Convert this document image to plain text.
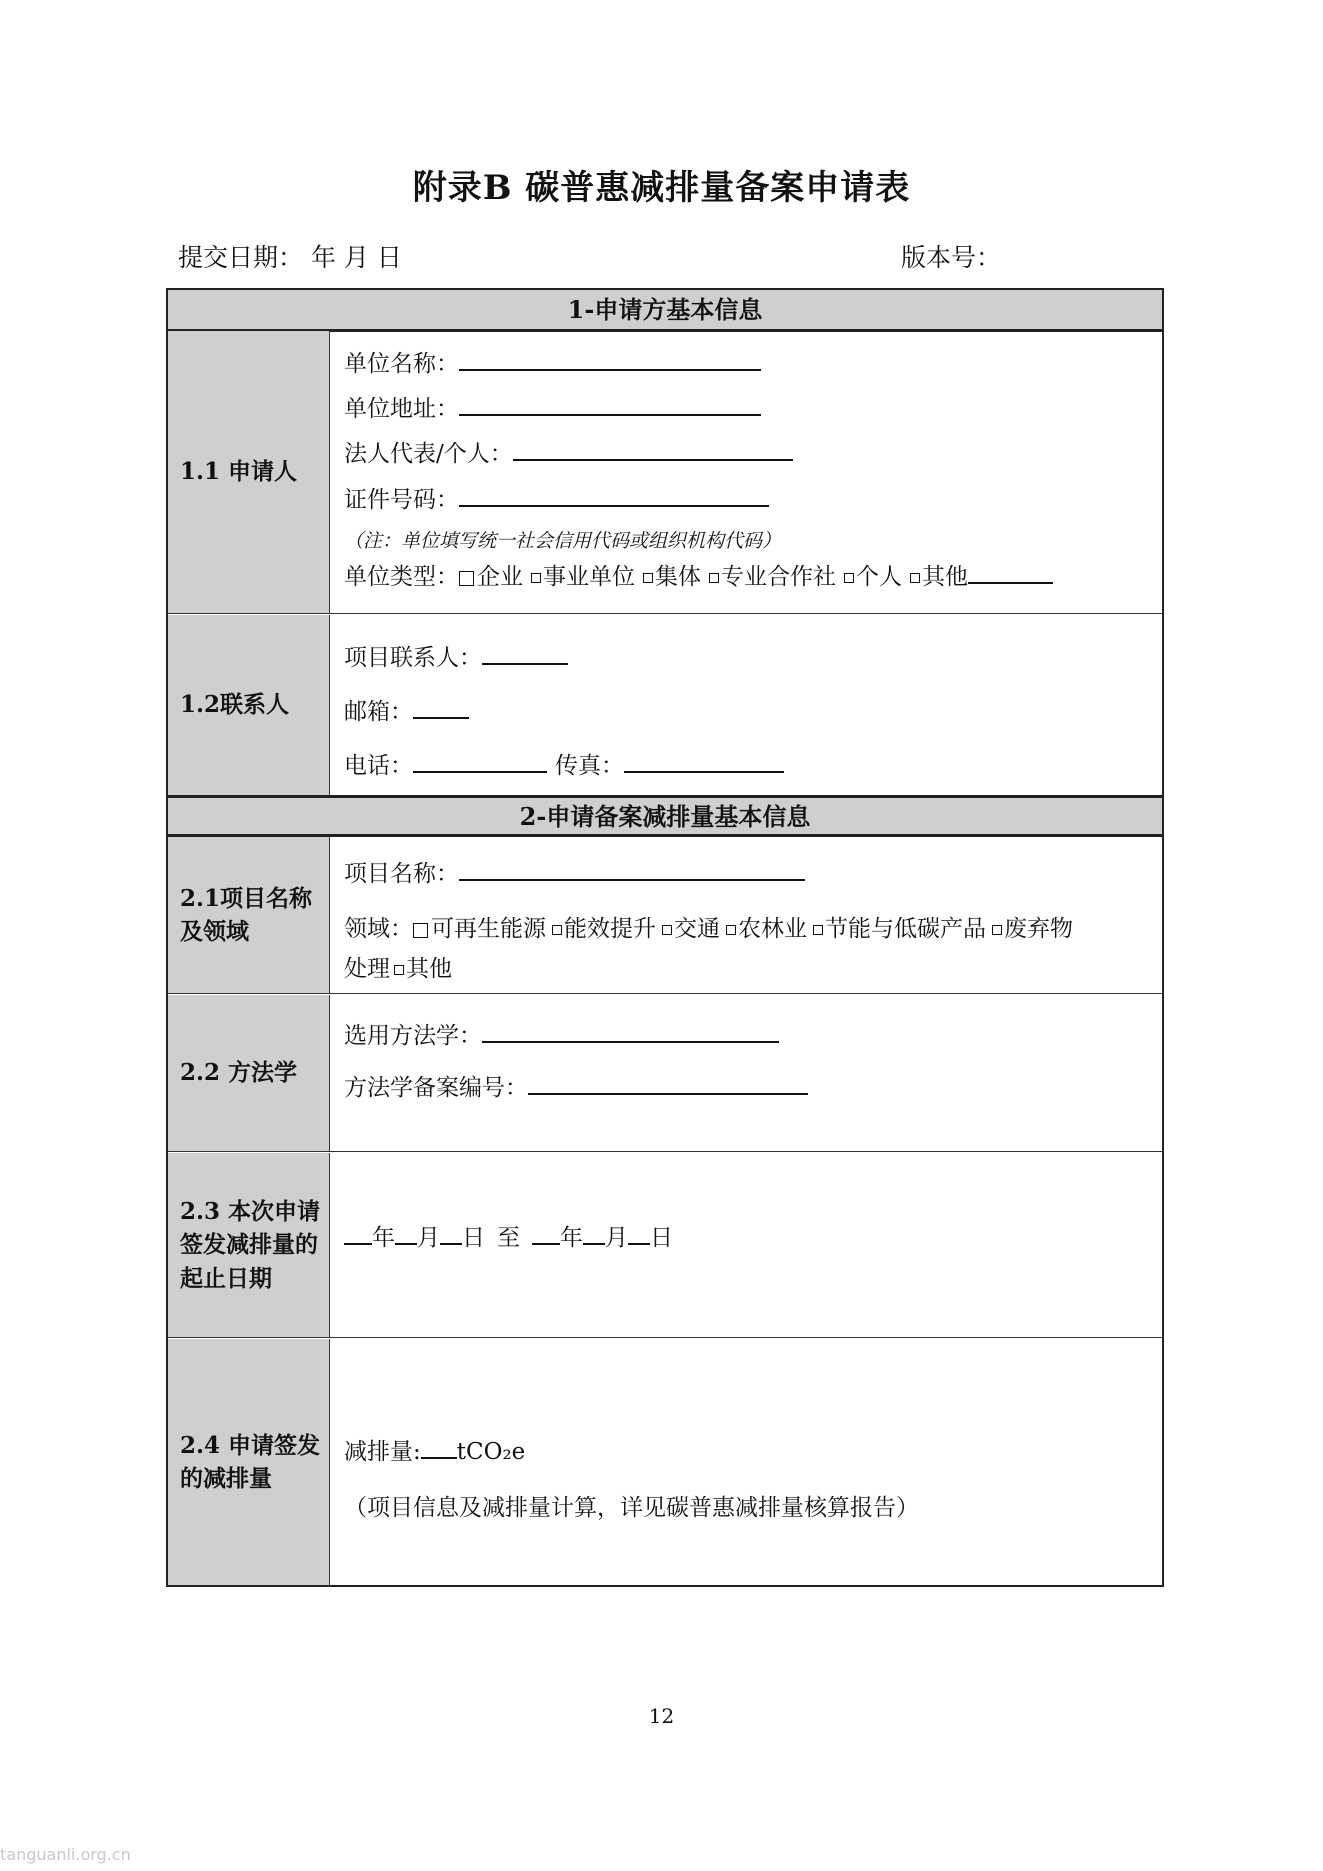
附录B 碳普惠减排量备案申请表
提交日期： 年 月 日	版本号：
1-申请方基本信息
1.1 申请人
单位名称：
单位地址：
法人代表/个人：
证件号码：
（注：单位填写统一社会信用代码或组织机构代码）
单位类型： 企业 事业单位 集体 专业合作社 个人 其他
1.2联系人
项目联系人：
邮箱：
电话：	传真：
2-申请备案减排量基本信息
2.1项目名称及领域
项目名称：
领域： 可再生能源 能效提升 交通 农林业 节能与低碳产品 废弃物
处理 其他
2.2 方法学
选用方法学：
方法学备案编号：
2.3 本次申请签发减排量的起止日期
年 月 日 至 年 月 日
2.4 申请签发的减排量
减排量: tCO₂e
（项目信息及减排量计算，详见碳普惠减排量核算报告）
12
tanguanli.org.cn
